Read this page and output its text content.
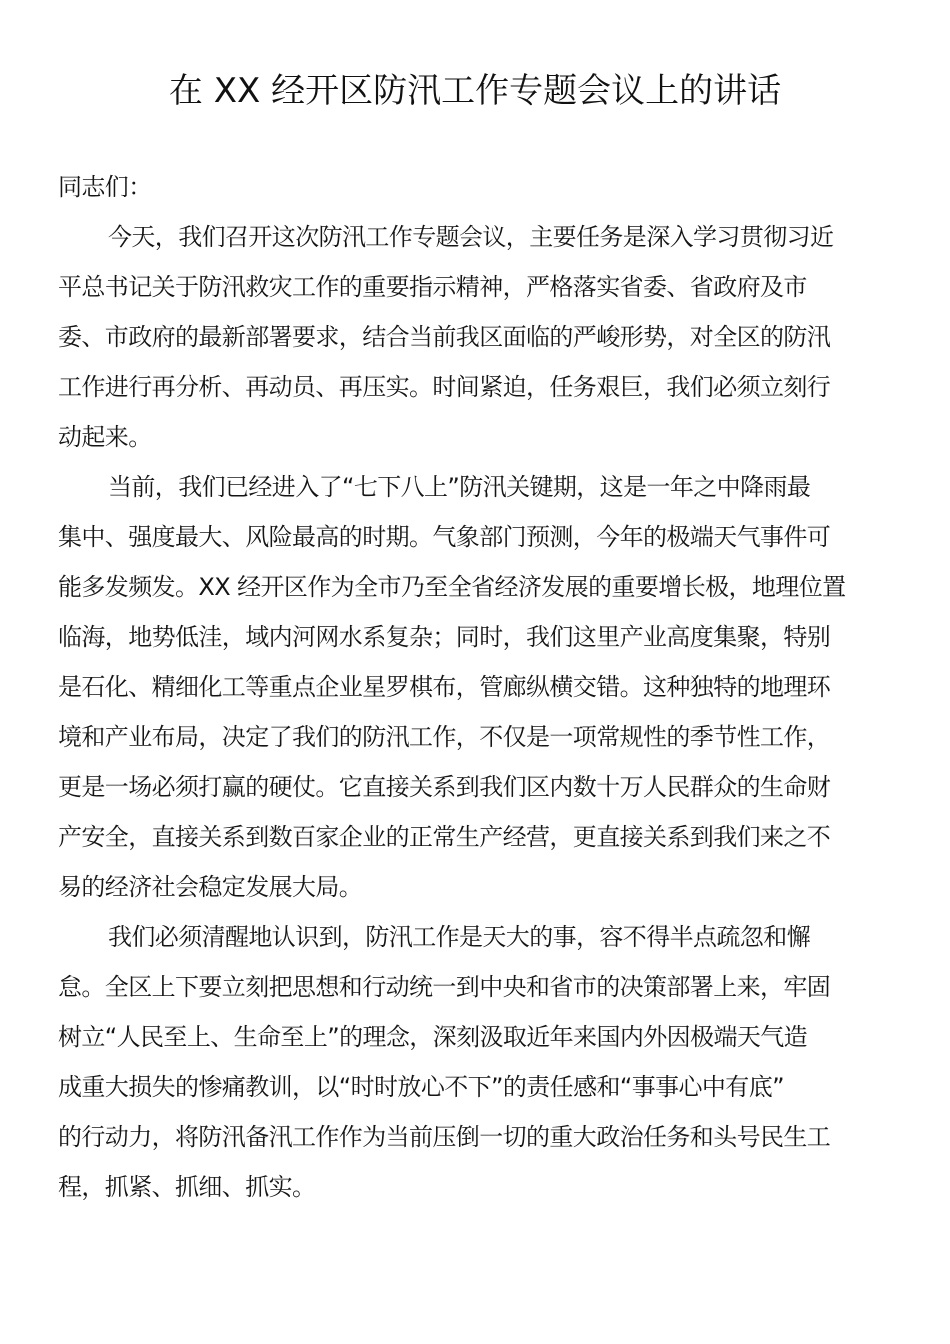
在 XX 经开区防汛工作专题会议上的讲话
同志们：
今天，我们召开这次防汛工作专题会议，主要任务是深入学习贯彻习近
平总书记关于防汛救灾工作的重要指示精神，严格落实省委、省政府及市
委、市政府的最新部署要求，结合当前我区面临的严峻形势，对全区的防汛
工作进行再分析、再动员、再压实。时间紧迫，任务艰巨，我们必须立刻行
动起来。
当前，我们已经进入了“七下八上”防汛关键期，这是一年之中降雨最
集中、强度最大、风险最高的时期。气象部门预测，今年的极端天气事件可
能多发频发。XX 经开区作为全市乃至全省经济发展的重要增长极，地理位置
临海，地势低洼，域内河网水系复杂；同时，我们这里产业高度集聚，特别
是石化、精细化工等重点企业星罗棋布，管廊纵横交错。这种独特的地理环
境和产业布局，决定了我们的防汛工作，不仅是一项常规性的季节性工作，
更是一场必须打赢的硬仗。它直接关系到我们区内数十万人民群众的生命财
产安全，直接关系到数百家企业的正常生产经营，更直接关系到我们来之不
易的经济社会稳定发展大局。
我们必须清醒地认识到，防汛工作是天大的事，容不得半点疏忽和懈
怠。全区上下要立刻把思想和行动统一到中央和省市的决策部署上来，牢固
树立“人民至上、生命至上”的理念，深刻汲取近年来国内外因极端天气造
成重大损失的惨痛教训，以“时时放心不下”的责任感和“事事心中有底”
的行动力，将防汛备汛工作作为当前压倒一切的重大政治任务和头号民生工
程，抓紧、抓细、抓实。
